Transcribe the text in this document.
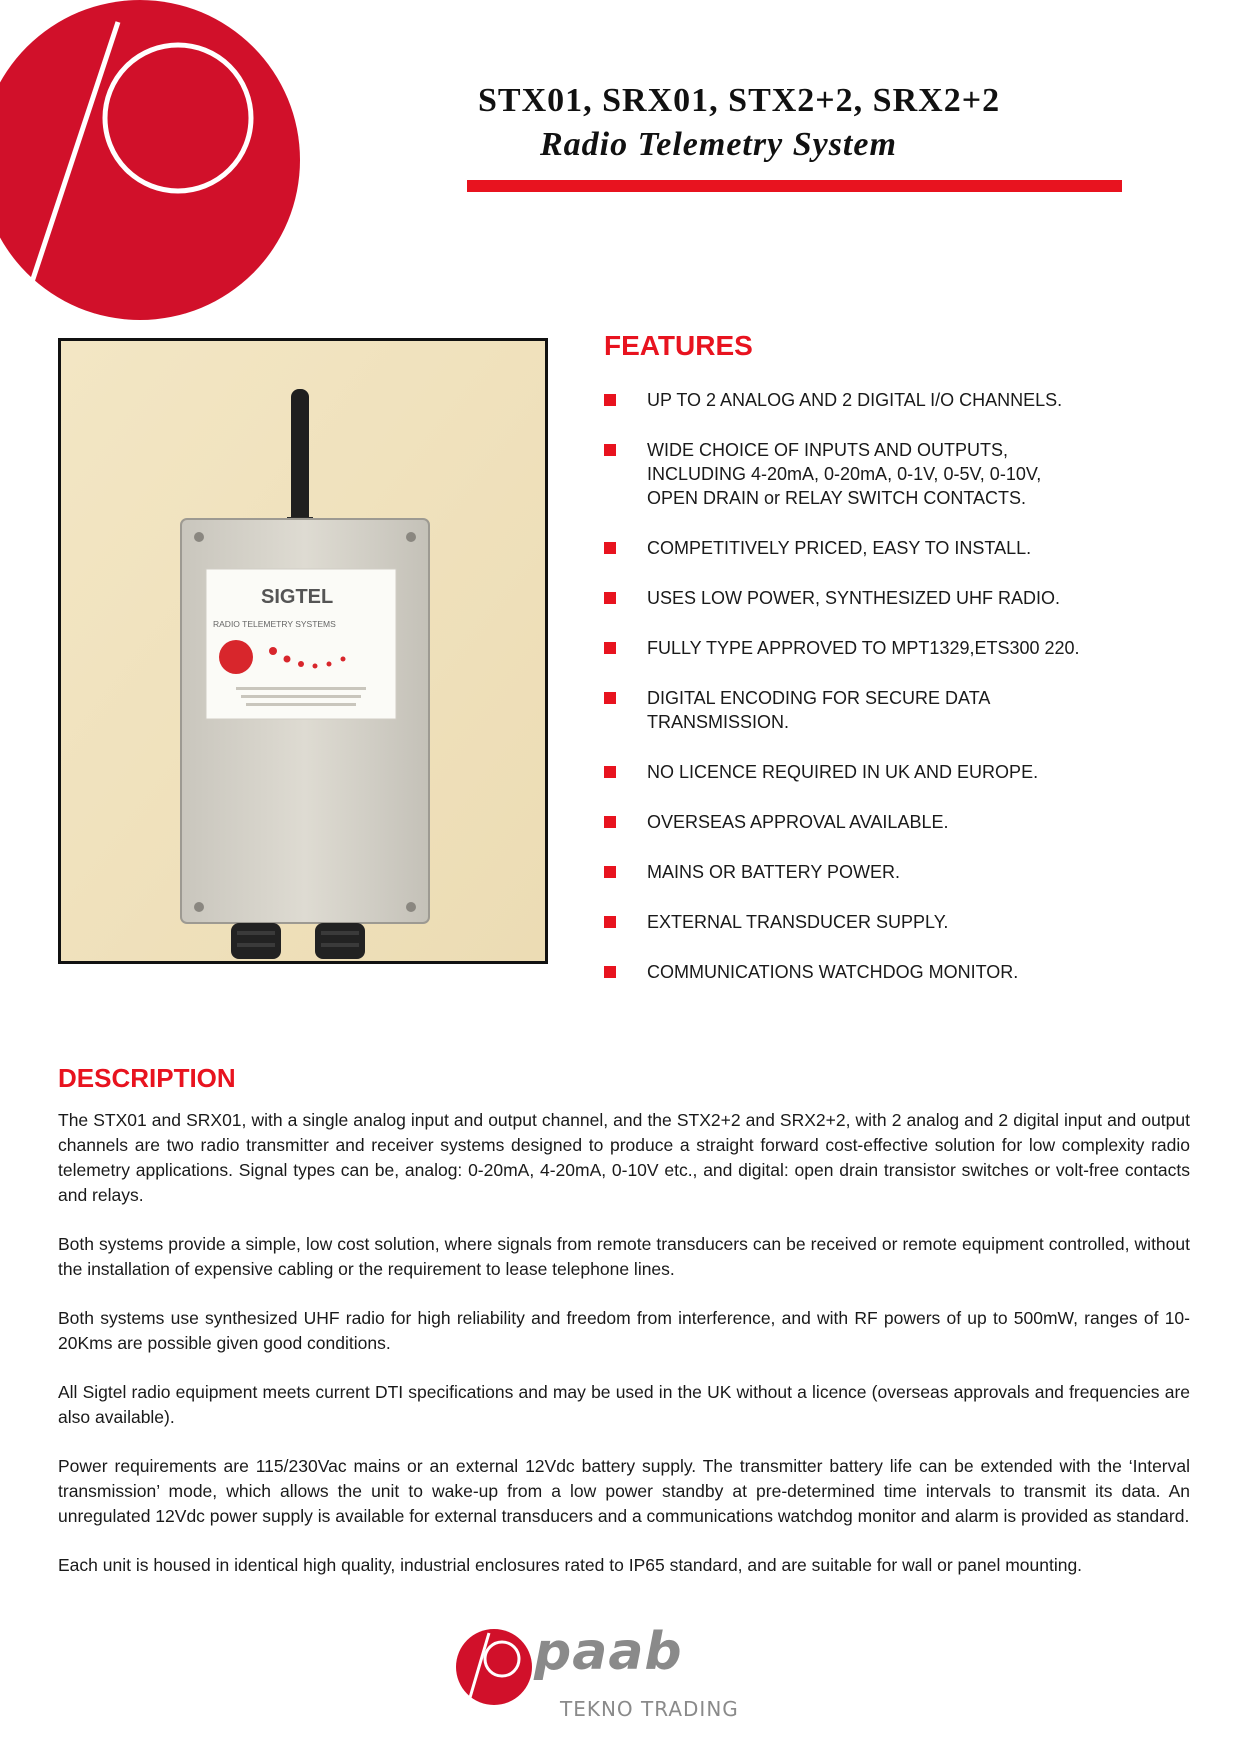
STX01, SRX01, STX2+2, SRX2+2
Radio Telemetry System
SIGTEL
RADIO TELEMETRY SYSTEMS
FEATURES
UP TO 2 ANALOG AND 2 DIGITAL I/O CHANNELS.
WIDE CHOICE OF INPUTS AND OUTPUTS,
INCLUDING 4-20mA, 0-20mA, 0-1V, 0-5V, 0-10V,
OPEN DRAIN or RELAY SWITCH CONTACTS.
COMPETITIVELY PRICED, EASY TO INSTALL.
USES LOW POWER, SYNTHESIZED UHF RADIO.
FULLY TYPE APPROVED TO MPT1329,ETS300 220.
DIGITAL ENCODING FOR SECURE DATA
TRANSMISSION.
NO LICENCE REQUIRED IN UK AND EUROPE.
OVERSEAS APPROVAL AVAILABLE.
MAINS OR BATTERY POWER.
EXTERNAL TRANSDUCER SUPPLY.
COMMUNICATIONS WATCHDOG MONITOR.
DESCRIPTION

The STX01 and SRX01, with a single analog input and output channel, and the STX2+2 and SRX2+2, with 2 analog and 2 digital input and output channels are two radio transmitter and receiver systems designed to produce a straight forward cost-effective solution for low complexity radio telemetry applications. Signal types can be, analog: 0-20mA, 4-20mA, 0-10V etc., and digital: open drain transistor switches or volt-free contacts and relays.

Both systems provide a simple, low cost solution, where signals from remote transducers can be received or remote equipment controlled, without the installation of expensive cabling or the requirement to lease telephone lines.

Both systems use synthesized UHF radio for high reliability and freedom from interference, and with RF powers of up to 500mW, ranges of 10-20Kms are possible given good conditions.

All Sigtel radio equipment meets current DTI specifications and may be used in the UK without a licence (overseas approvals and frequencies are also available).

Power requirements are 115/230Vac mains or an external 12Vdc battery supply. The transmitter battery life can be extended with the ‘Interval transmission’ mode, which allows the unit to wake-up from a low power standby at pre-determined time intervals to transmit its data. An unregulated 12Vdc power supply is available for external transducers and a communications watchdog monitor and alarm is provided as standard.

Each unit is housed in identical high quality, industrial enclosures rated to IP65 standard, and are suitable for wall or panel mounting.

paab
TEKNO TRADING
